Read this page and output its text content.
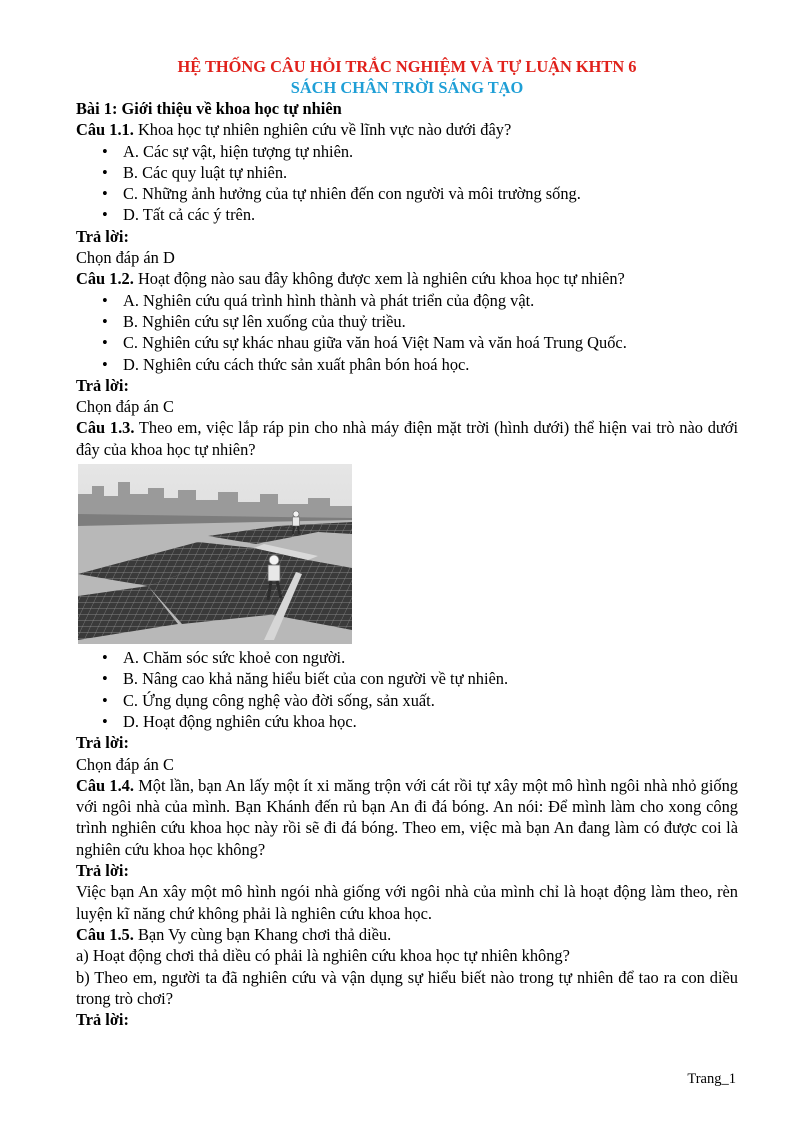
HỆ THỐNG CÂU HỎI TRẮC NGHIỆM VÀ TỰ LUẬN KHTN 6

SÁCH CHÂN TRỜI SÁNG TẠO

Bài 1: Giới thiệu về khoa học tự nhiên

Câu 1.1. Khoa học tự nhiên nghiên cứu về lĩnh vực nào dưới đây?

• A. Các sự vật, hiện tượng tự nhiên.
• B. Các quy luật tự nhiên.
• C. Những ảnh hưởng của tự nhiên đến con người và môi trường sống.
• D. Tất cả các ý trên.

Trả lời:

Chọn đáp án D

Câu 1.2. Hoạt động nào sau đây không được xem là nghiên cứu khoa học tự nhiên?

• A. Nghiên cứu quá trình hình thành và phát triển của động vật.
• B. Nghiên cứu sự lên xuống của thuỷ triều.
• C. Nghiên cứu sự khác nhau giữa văn hoá Việt Nam và văn hoá Trung Quốc.
• D. Nghiên cứu cách thức sản xuất phân bón hoá học.

Trả lời:

Chọn đáp án C

Câu 1.3. Theo em, việc lắp ráp pin cho nhà máy điện mặt trời (hình dưới) thể hiện vai trò nào dưới đây của khoa học tự nhiên?

• A. Chăm sóc sức khoẻ con người.
• B. Nâng cao khả năng hiểu biết của con người về tự nhiên.
• C. Ứng dụng công nghệ vào đời sống, sản xuất.
• D. Hoạt động nghiên cứu khoa học.

Trả lời:

Chọn đáp án C

Câu 1.4. Một lần, bạn An lấy một ít xi măng trộn với cát rồi tự xây một mô hình ngôi nhà nhỏ giống với ngôi nhà của mình. Bạn Khánh đến rủ bạn An đi đá bóng. An nói: Để mình làm cho xong công trình nghiên cứu khoa học này rồi sẽ đi đá bóng. Theo em, việc mà bạn An đang làm có được coi là nghiên cứu khoa học không?

Trả lời:

Việc bạn An xây một mô hình ngói nhà giống với ngôi nhà của mình chỉ là hoạt động làm theo, rèn luyện kĩ năng chứ không phải là nghiên cứu khoa học.

Câu 1.5. Bạn Vy cùng bạn Khang chơi thả diều.

a) Hoạt động chơi thả diều có phải là nghiên cứu khoa học tự nhiên không?

b) Theo em, người ta đã nghiên cứu và vận dụng sự hiểu biết nào trong tự nhiên để tao ra con diều trong trò chơi?

Trả lời:

Trang_1
